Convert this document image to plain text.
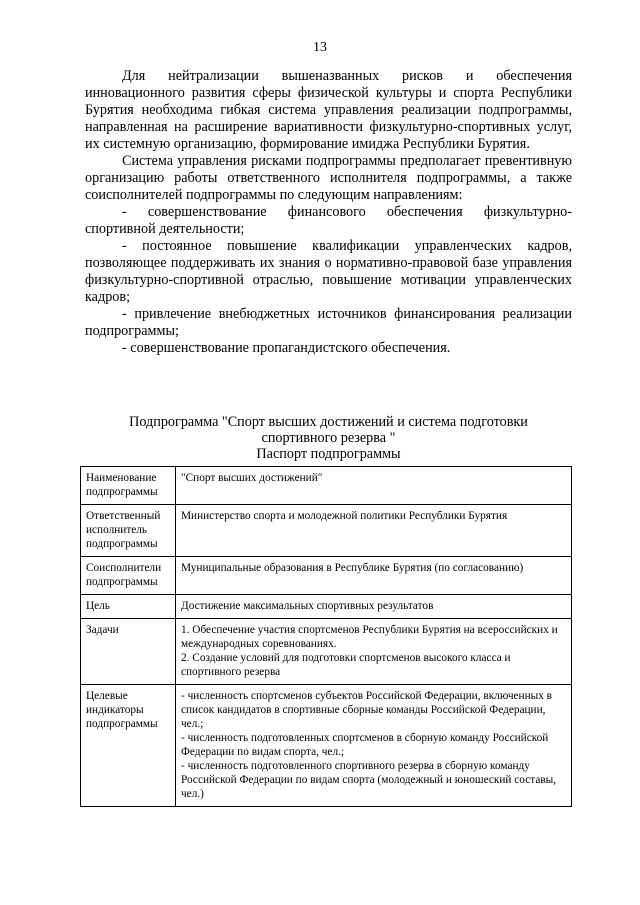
13

Для нейтрализации вышеназванных рисков и обеспечения инновационного развития сферы физической культуры и спорта Республики Бурятия необходима гибкая система управления реализации подпрограммы, направленная на расширение вариативности физкультурно-спортивных услуг, их системную организацию, формирование имиджа Республики Бурятия.

Система управления рисками подпрограммы предполагает превентивную организацию работы ответственного исполнителя подпрограммы, а также соисполнителей подпрограммы по следующим направлениям:

- совершенствование финансового обеспечения физкультурно-спортивной деятельности;

- постоянное повышение квалификации управленческих кадров, позволяющее поддерживать их знания о нормативно-правовой базе управления физкультурно-спортивной отраслью, повышение мотивации управленческих кадров;

- привлечение внебюджетных источников финансирования реализации подпрограммы;

- совершенствование пропагандистского обеспечения.

Подпрограмма "Спорт высших достижений и система подготовки
спортивного резерва "
Паспорт подпрограммы
Наименование подпрограммы	"Спорт высших достижений"

Ответственный исполнитель подпрограммы	Министерство спорта и молодежной политики Республики Бурятия

Соисполнители подпрограммы	Муниципальные образования в Республике Бурятия (по согласованию)

Цель	Достижение максимальных спортивных результатов

Задачи	1. Обеспечение участия спортсменов Республики Бурятия на всероссийских и международных соревнованиях.
2. Создание условий для подготовки спортсменов высокого класса и спортивного резерва

Целевые индикаторы подпрограммы	- численность спортсменов субъектов Российской Федерации, включенных в список кандидатов в спортивные сборные команды Российской Федерации, чел.;
- численность подготовленных спортсменов в сборную команду Российской Федерации по видам спорта, чел.;
- численность подготовленного спортивного резерва в сборную команду Российской Федерации по видам спорта (молодежный и юношеский составы, чел.)
